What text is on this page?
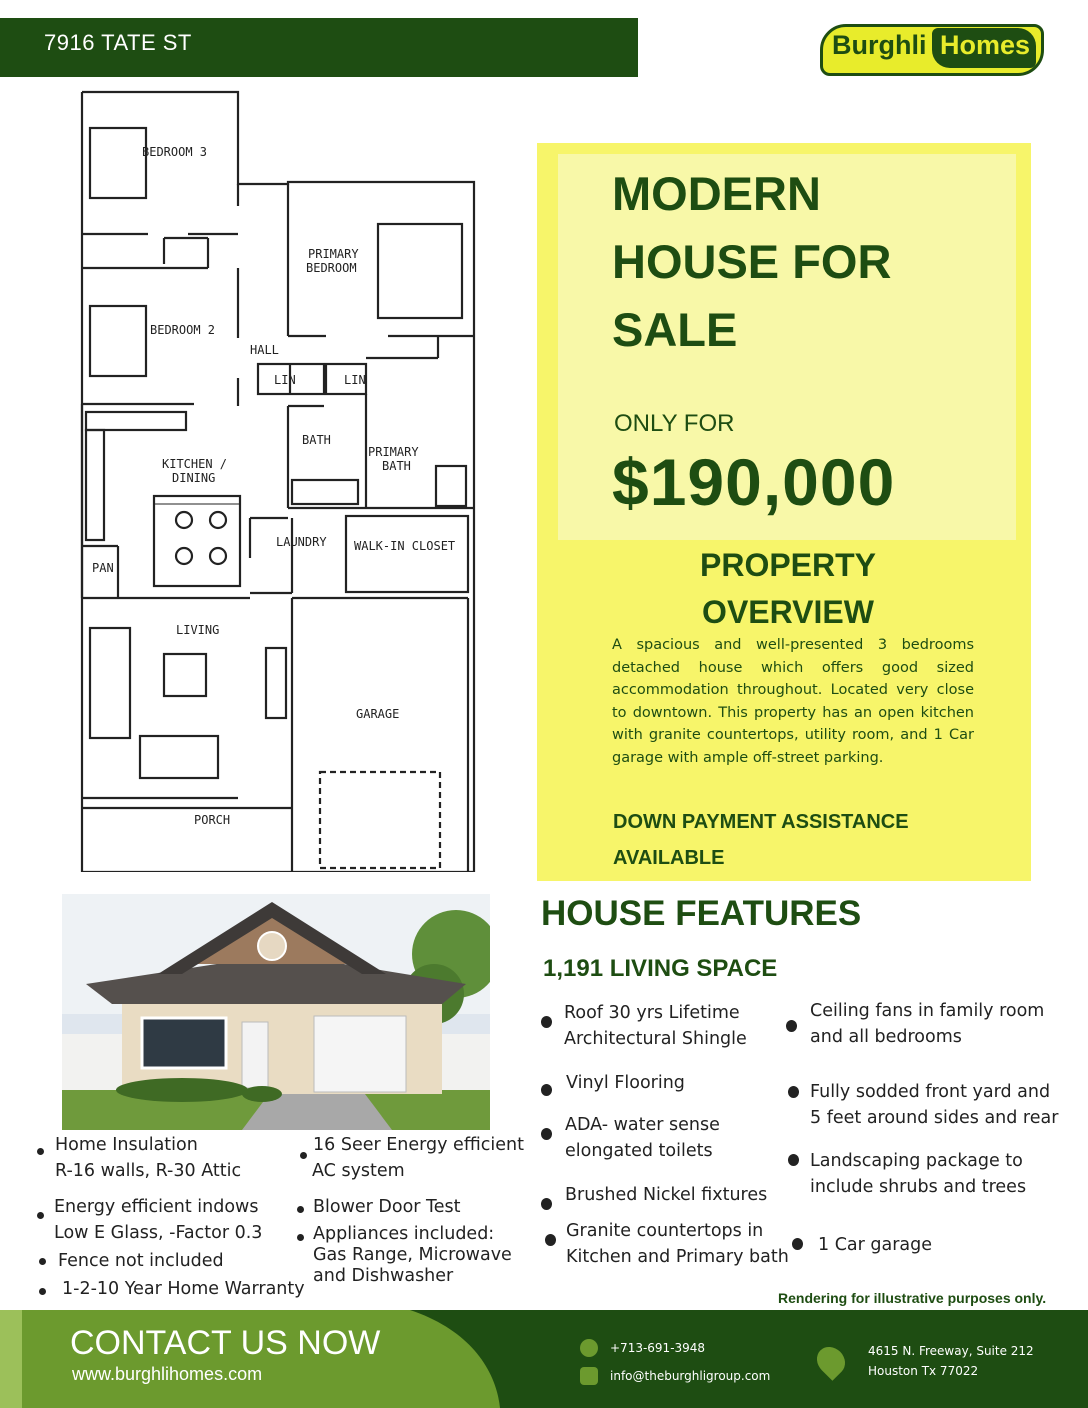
7916 TATE ST	Burghli Homes
BEDROOM 3
PRIMARY
BEDROOM
BEDROOM 2
HALL
LIN	LIN
BATH
PRIMARY
BATH
KITCHEN /
DINING
LAUNDRY WALK-IN CLOSET
PAN
LIVING
GARAGE
PORCH
MODERN
HOUSE FOR
SALE
ONLY FOR
$190,000
PROPERTY
OVERVIEW
A spacious and well-presented 3 bedrooms detached house which offers good sized accommodation throughout. Located very close to downtown. This property has an open kitchen with granite countertops, utility room, and 1 Car garage with ample off-street parking.
DOWN PAYMENT ASSISTANCE
AVAILABLE
HOUSE FEATURES
1,191 LIVING SPACE
Roof 30 yrs Lifetime
Architectural Shingle
Vinyl Flooring
ADA- water sense
elongated toilets
Brushed Nickel fixtures
Granite countertops in
Kitchen and Primary bath
Ceiling fans in family room
and all bedrooms
Fully sodded front yard and
5 feet around sides and rear
Landscaping package to
include shrubs and trees
1 Car garage
Home Insulation
R-16 walls, R-30 Attic
Energy efficient indows
Low E Glass, -Factor 0.3
Fence not included
1-2-10 Year Home Warranty
16 Seer Energy efficient
AC system
Blower Door Test
Appliances included:
Gas Range, Microwave
and Dishwasher
Rendering for illustrative purposes only.
CONTACT US NOW
www.burghlihomes.com
+713-691-3948
info@theburghligroup.com
4615 N. Freeway, Suite 212
Houston Tx 77022
